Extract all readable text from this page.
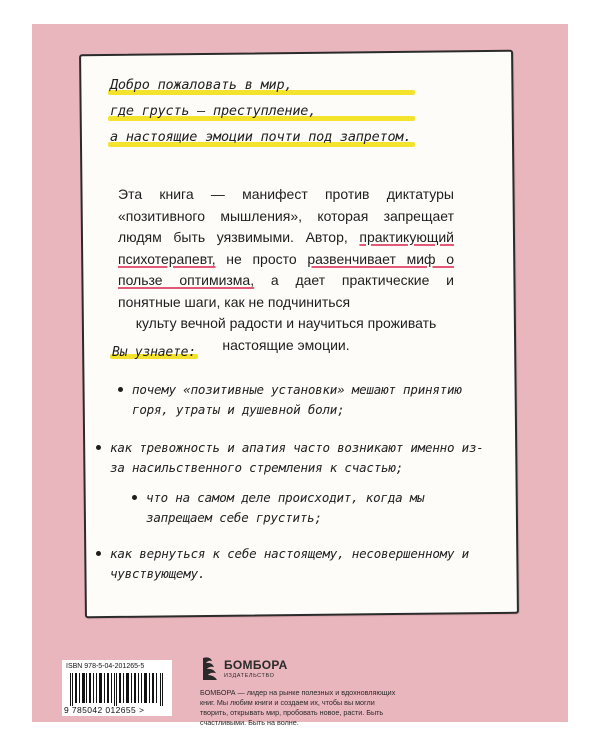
Добро пожаловать в мир,
где грусть — преступление,
а настоящие эмоции почти под запретом.
Эта книга — манифест против диктатуры «позитивного мышления», которая запрещает людям быть уязвимыми. Автор, практикующий психотерапевт, не просто развенчивает миф о пользе оптимизма, а дает практические и понятные шаги, как не подчиниться
культу вечной радости и научиться проживать настоящие эмоции.
Вы узнаете:
почему «позитивные установки» мешают принятию горя, утраты и душевной боли;
как тревожность и апатия часто возникают именно из-за насильственного стремления к счастью;
что на самом деле происходит, когда мы запрещаем себе грустить;
как вернуться к себе настоящему, несовершенному и чувствующему.
ISBN 978-5-04-201265-5
9 785042 012655 >
БОМБОРА
ИЗДАТЕЛЬСТВО
БОМБОРА — лидер на рынке полезных и вдохновляющих книг. Мы любим книги и создаем их, чтобы вы могли творить, открывать мир, пробовать новое, расти. Быть счастливыми. Быть на волне.
